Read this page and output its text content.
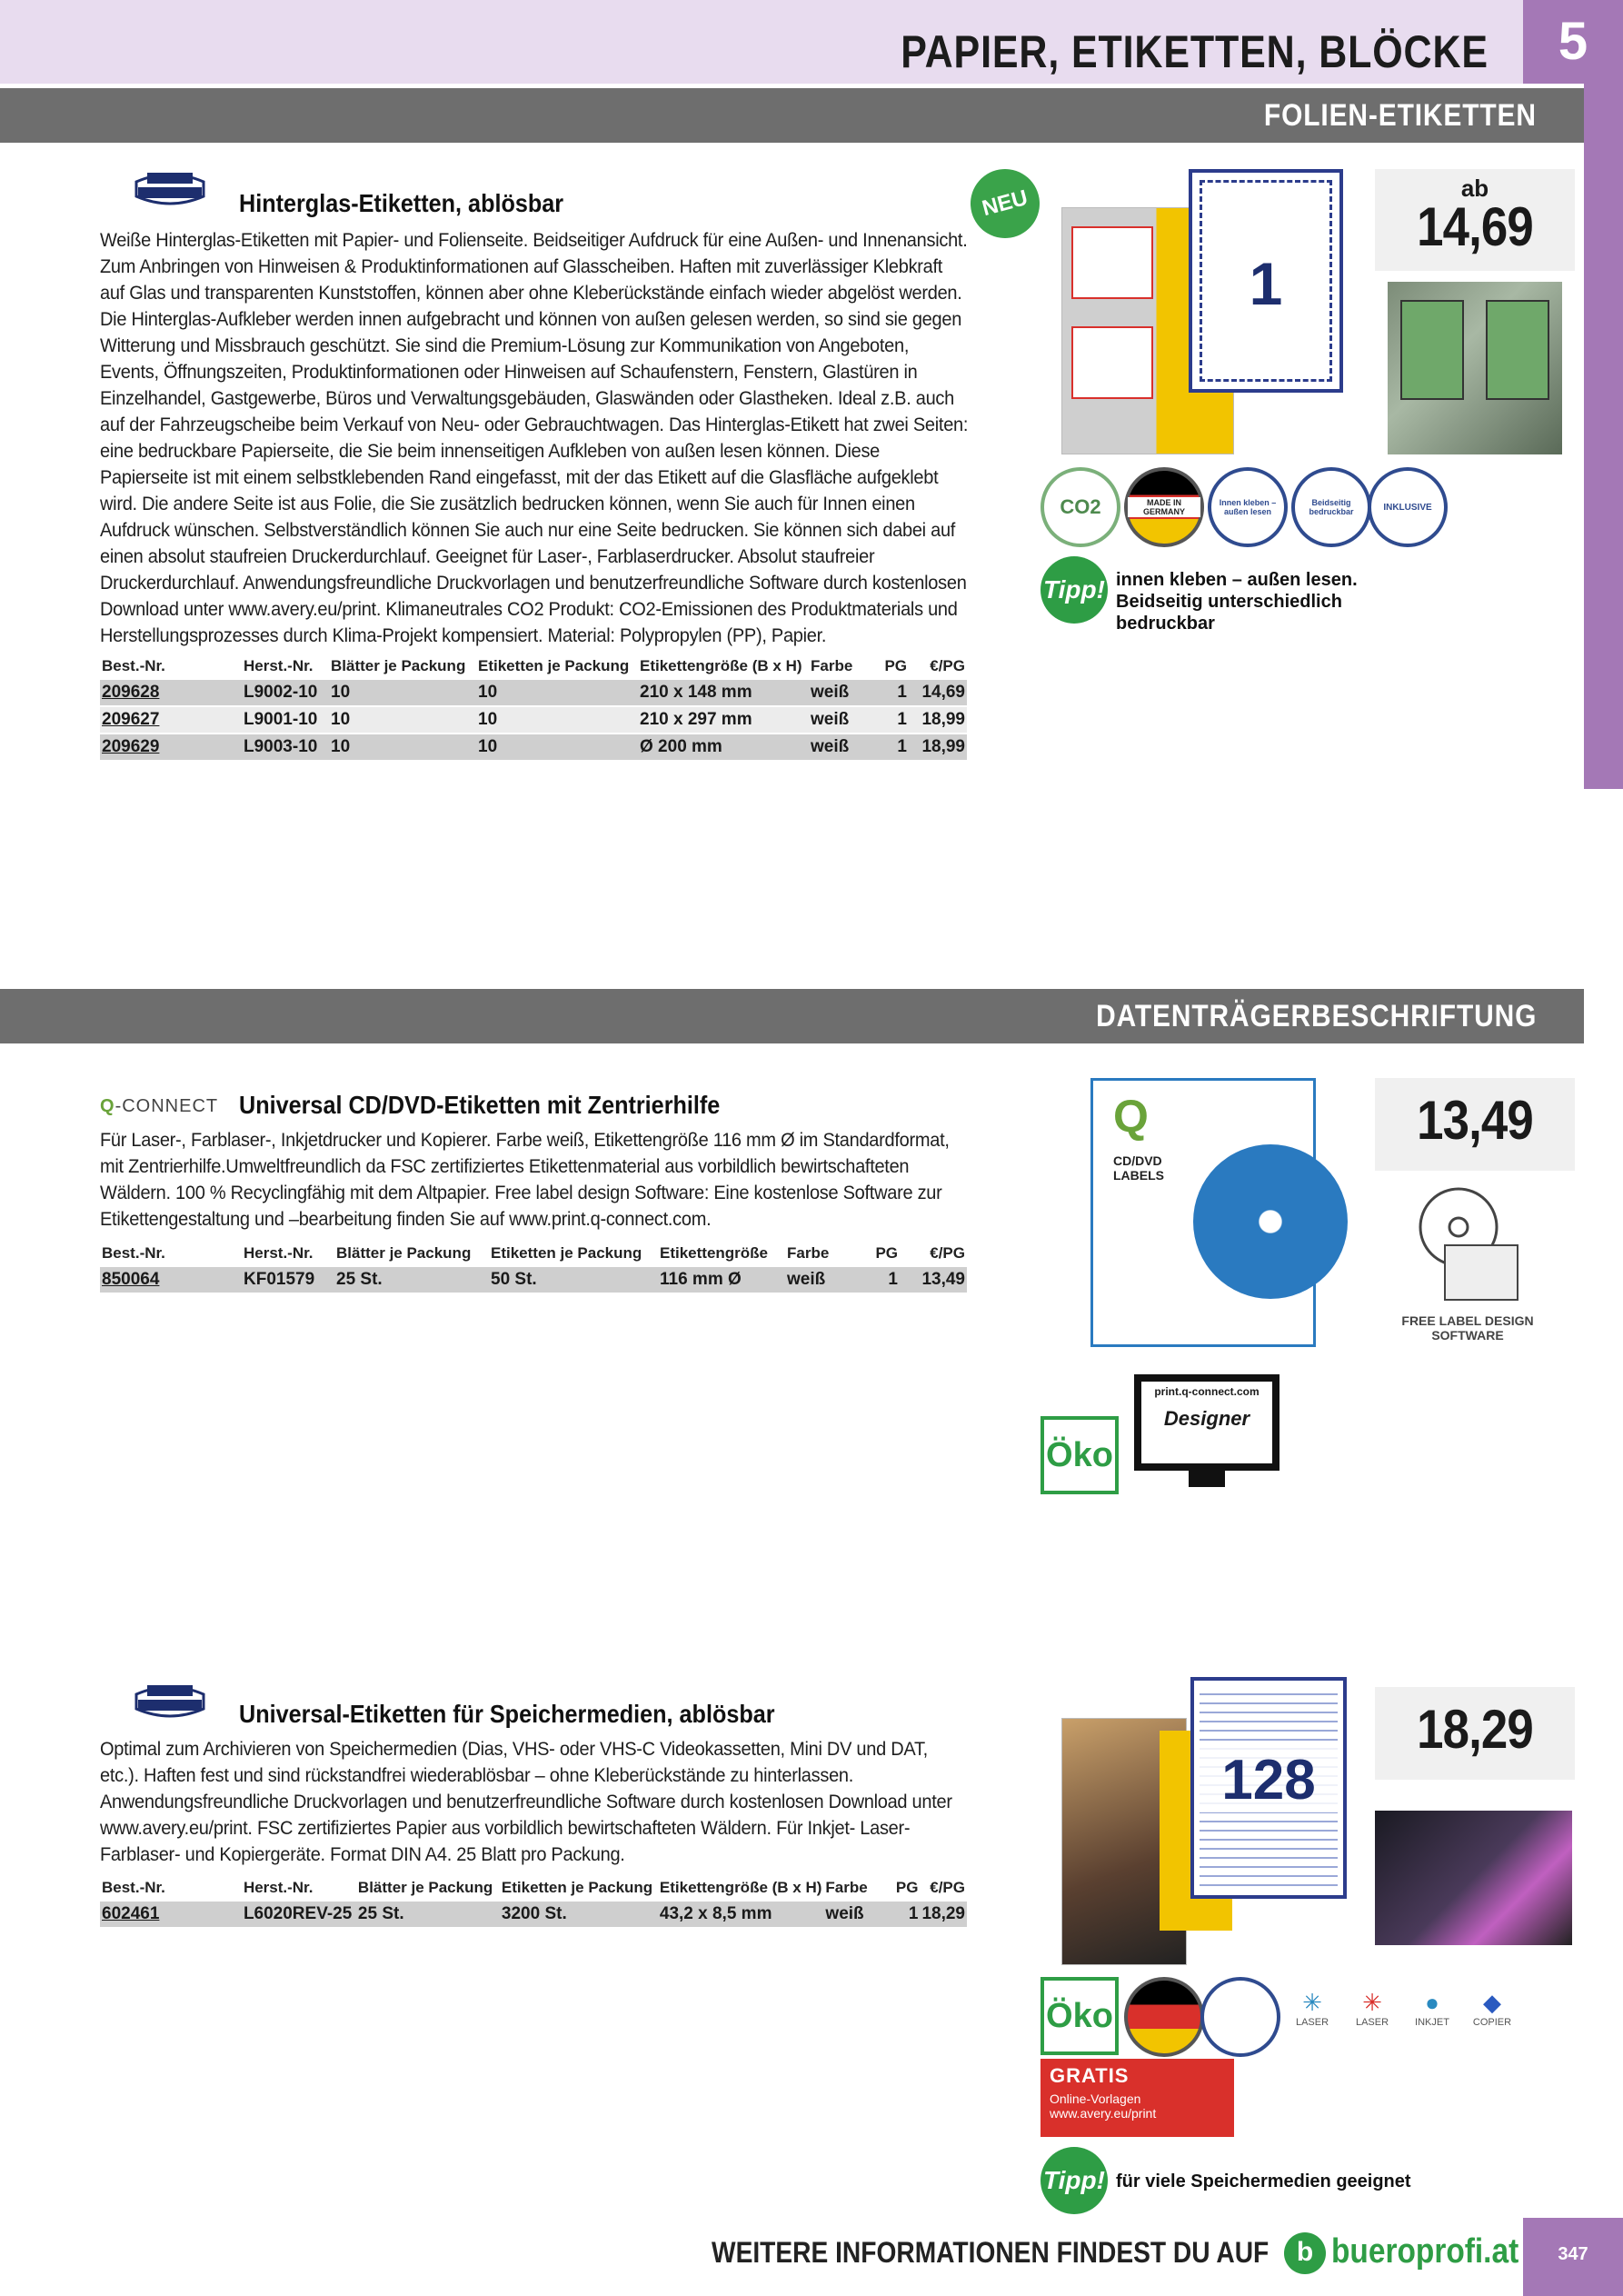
PAPIER, ETIKETTEN, BLÖCKE	5
FOLIEN-ETIKETTEN
Hinterglas-Etiketten, ablösbar
Weiße Hinterglas-Etiketten mit Papier- und Folienseite. Beidseitiger Aufdruck für eine Außen- und Innenansicht. Zum Anbringen von Hinweisen & Produktinformationen auf Glasscheiben. Haften mit zuverlässiger Klebkraft auf Glas und transparenten Kunststoffen, können aber ohne Kleberückstände einfach wieder abgelöst werden. Die Hinterglas-Aufkleber werden innen aufgebracht und können von außen gelesen werden, so sind sie gegen Witterung und Missbrauch geschützt. Sie sind die Premium-Lösung zur Kommunikation von Angeboten, Events, Öffnungszeiten, Produktinformationen oder Hinweisen auf Schaufenstern, Fenstern, Glastüren in Einzelhandel, Gastgewerbe, Büros und Verwaltungsgebäuden, Glaswänden oder Glastheken. Ideal z.B. auch auf der Fahrzeugscheibe beim Verkauf von Neu- oder Gebrauchtwagen. Das Hinterglas-Etikett hat zwei Seiten: eine bedruckbare Papierseite, die Sie beim innenseitigen Aufkleben von außen lesen können. Diese Papierseite ist mit einem selbstklebenden Rand eingefasst, mit der das Etikett auf die Glasfläche aufgeklebt wird. Die andere Seite ist aus Folie, die Sie zusätzlich bedrucken können, wenn Sie auch für Innen einen Aufdruck wünschen. Selbstverständlich können Sie auch nur eine Seite bedrucken. Sie können sich dabei auf einen absolut staufreien Druckerdurchlauf. Geeignet für Laser-, Farblaserdrucker. Absolut staufreier Druckerdurchlauf. Anwendungsfreundliche Druckvorlagen und benutzerfreundliche Software durch kostenlosen Download unter www.avery.eu/print. Klimaneutrales CO2 Produkt: CO2-Emissionen des Produktmaterials und Herstellungsprozesses durch Klima-Projekt kompensiert. Material: Polypropylen (PP), Papier.
Best.-Nr.	Herst.-Nr.	Blätter je Packung	Etiketten je Packung	Etikettengröße (B x H)	Farbe	PG	€/PG
209628	L9002-10	10	10	210 x 148 mm	weiß	1	14,69
209627	L9001-10	10	10	210 x 297 mm	weiß	1	18,99
209629	L9003-10	10	10	Ø 200 mm	weiß	1	18,99
NEU
1
ab
14,69
CO2	MADE IN GERMANY
Innen kleben – außen lesen
Beidseitig bedruckbar	INKLUSIVE
Tipp! innen kleben – außen lesen. Beidseitig unterschiedlich bedruckbar
DATENTRÄGERBESCHRIFTUNG
Q-CONNECT Universal CD/DVD-Etiketten mit Zentrierhilfe
Für Laser-, Farblaser-, Inkjetdrucker und Kopierer. Farbe weiß, Etikettengröße 116 mm Ø im Standardformat, mit Zentrierhilfe.Umweltfreundlich da FSC zertifiziertes Etikettenmaterial aus vorbildlich bewirtschafteten Wäldern. 100 % Recyclingfähig mit dem Altpapier. Free label design Software: Eine kostenlose Software zur Etikettengestaltung und –bearbeitung finden Sie auf www.print.q-connect.com.
Best.-Nr.	Herst.-Nr.	Blätter je Packung	Etiketten je Packung	Etikettengröße	Farbe	PG	€/PG
850064	KF01579	25 St.	50 St.	116 mm Ø	weiß	1	13,49
Q
CD/DVD LABELS
13,49
FREE LABEL DESIGN SOFTWARE
Öko
print.q-connect.com
Designer
Universal-Etiketten für Speichermedien, ablösbar
Optimal zum Archivieren von Speichermedien (Dias, VHS- oder VHS-C Videokassetten, Mini DV und DAT, etc.). Haften fest und sind rückstandfrei wiederablösbar – ohne Kleberückstände zu hinterlassen. Anwendungsfreundliche Druckvorlagen und benutzerfreundliche Software durch kostenlosen Download unter www.avery.eu/print. FSC zertifiziertes Papier aus vorbildlich bewirtschafteten Wäldern. Für Inkjet- Laser- Farblaser- und Kopiergeräte. Format DIN A4. 25 Blatt pro Packung.
Best.-Nr.	Herst.-Nr.	Blätter je Packung	Etiketten je Packung	Etikettengröße (B x H)	Farbe	PG	€/PG
602461	L6020REV-25	25 St.	3200 St.	43,2 x 8,5 mm	weiß	1	18,29
128
18,29
Öko	✳
LASER
✳
LASER
●
INKJET
◆
COPIER
GRATIS
Online-Vorlagen
www.avery.eu/print
Tipp! für viele Speichermedien geeignet
WEITERE INFORMATIONEN FINDEST DU AUF	b bueroprofi.at	347
